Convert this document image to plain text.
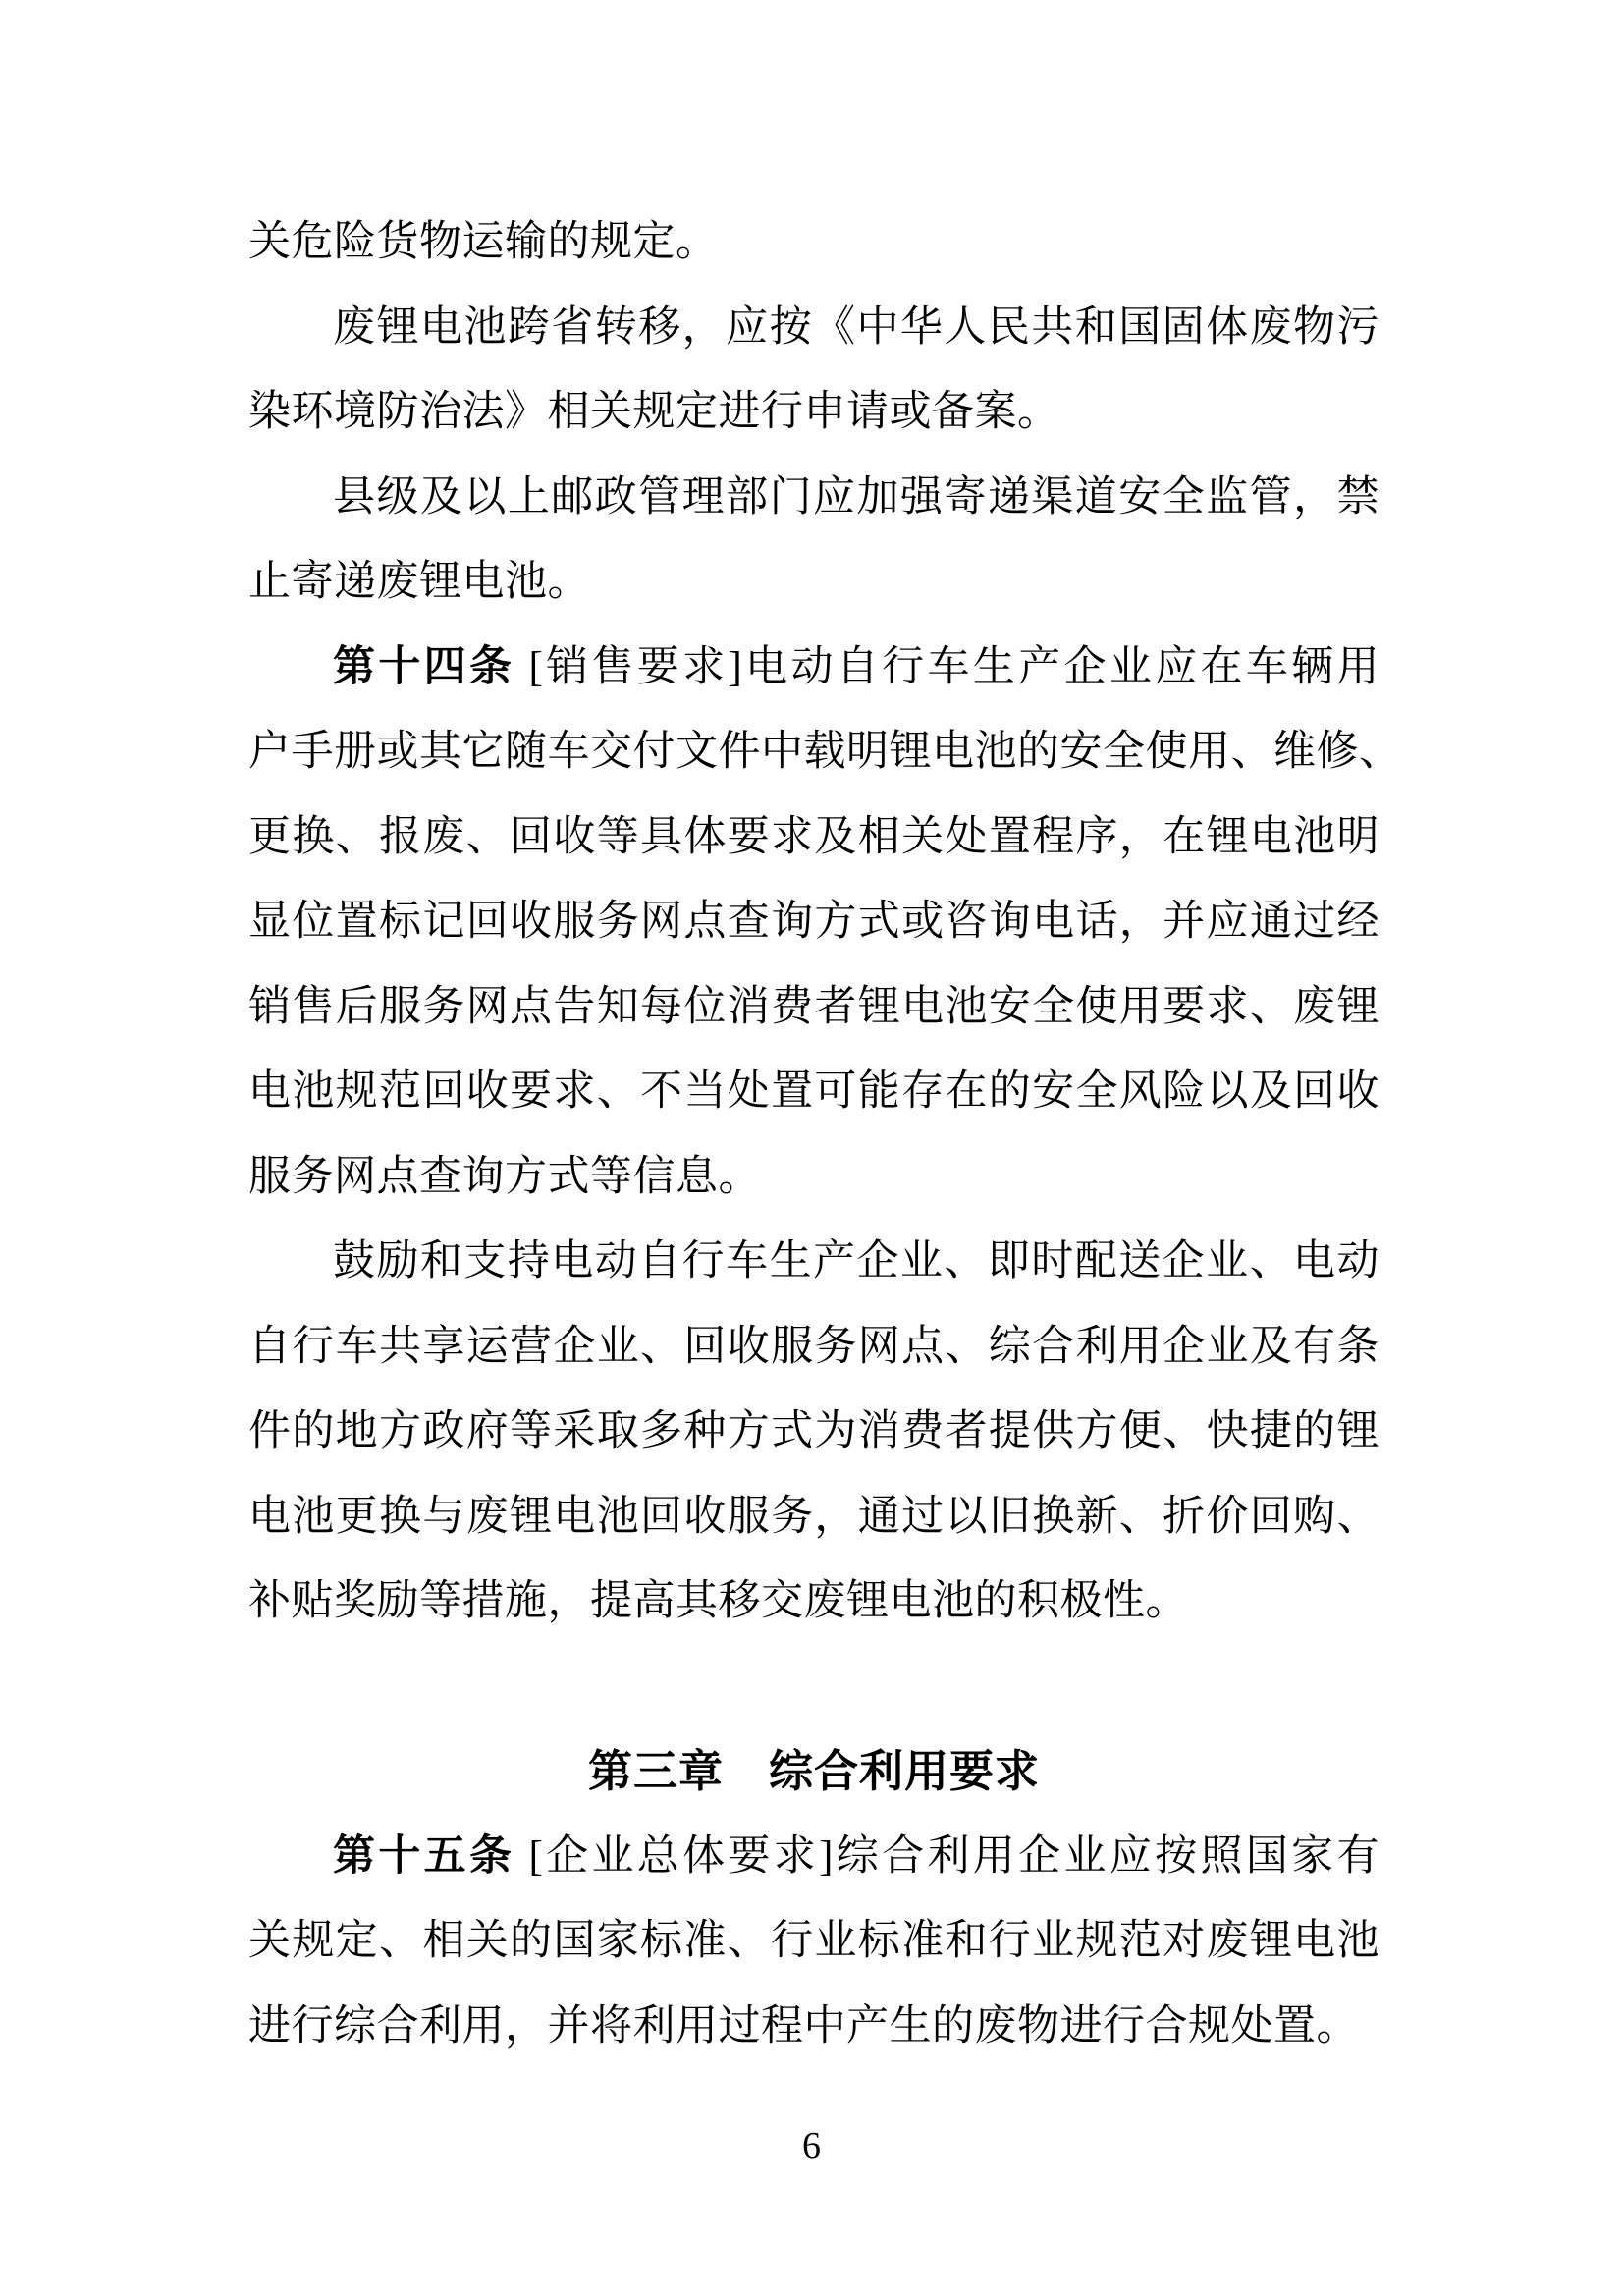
关危险货物运输的规定。
废锂电池跨省转移，应按《中华人民共和国固体废物污
染环境防治法》相关规定进行申请或备案。
县级及以上邮政管理部门应加强寄递渠道安全监管，禁
止寄递废锂电池。
第十四条 [销售要求]电动自行车生产企业应在车辆用
户手册或其它随车交付文件中载明锂电池的安全使用、维修、
更换、报废、回收等具体要求及相关处置程序，在锂电池明
显位置标记回收服务网点查询方式或咨询电话，并应通过经
销售后服务网点告知每位消费者锂电池安全使用要求、废锂
电池规范回收要求、不当处置可能存在的安全风险以及回收
服务网点查询方式等信息。
鼓励和支持电动自行车生产企业、即时配送企业、电动
自行车共享运营企业、回收服务网点、综合利用企业及有条
件的地方政府等采取多种方式为消费者提供方便、快捷的锂
电池更换与废锂电池回收服务，通过以旧换新、折价回购、
补贴奖励等措施，提高其移交废锂电池的积极性。
第三章　综合利用要求
第十五条 [企业总体要求]综合利用企业应按照国家有
关规定、相关的国家标准、行业标准和行业规范对废锂电池
进行综合利用，并将利用过程中产生的废物进行合规处置。
6
